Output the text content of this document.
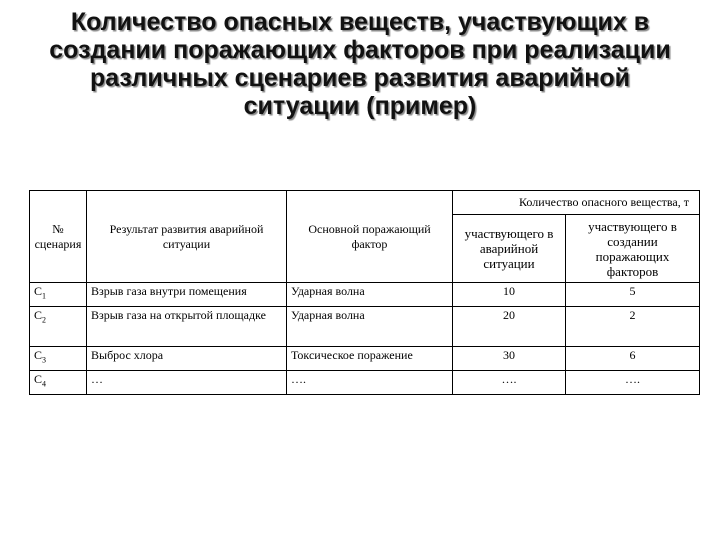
Количество опасных веществ, участвующих в
создании поражающих факторов при реализации
различных сценариев развития аварийной
ситуации (пример)
№ сценария	Результат развития аварийной ситуации	Основной поражающий фактор	Количество опасного вещества, т	
			участвующего в аварийной ситуации	участвующего в создании поражающих факторов
$С_1$	Взрыв газа внутри помещения	Ударная волна	10	5
$С_2$	Взрыв газа на открытой площадке	Ударная волна	20	2
$С_3$	Выброс хлора	Токсическое поражение	30	6
$С_4$	…	….	….	….
